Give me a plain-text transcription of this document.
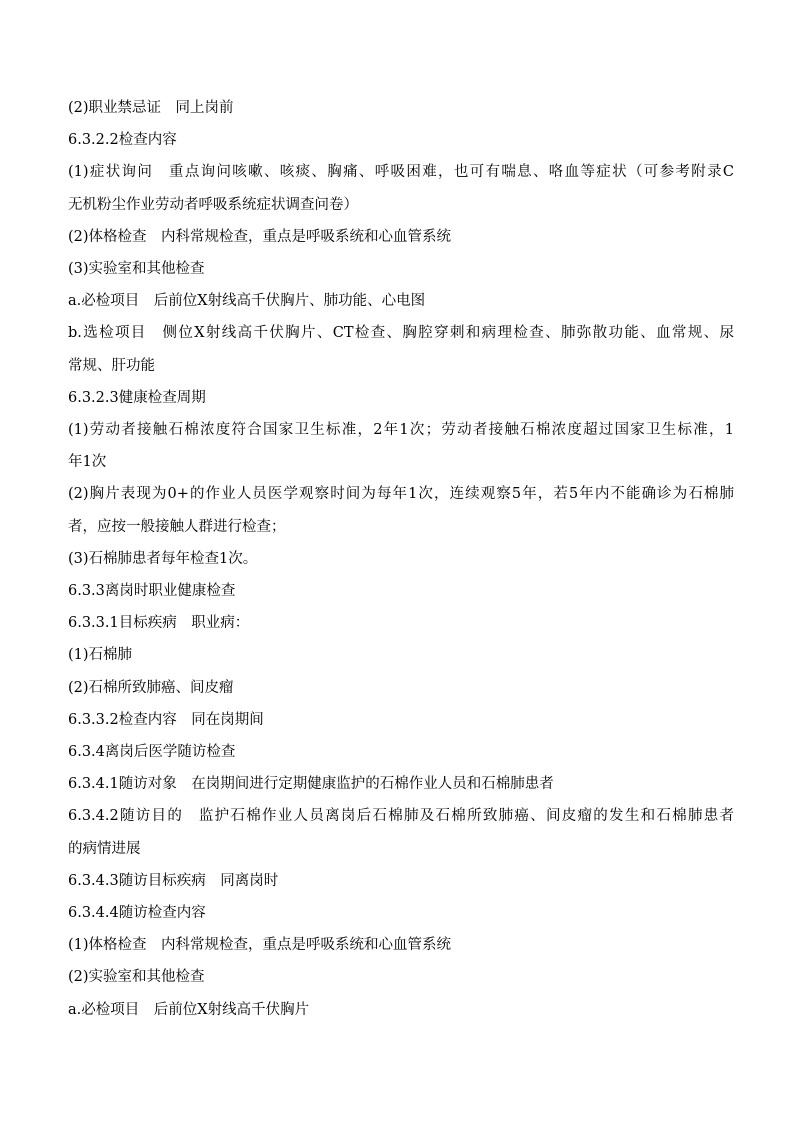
(2)职业禁忌证　同上岗前

6.3.2.2检查内容

(1)症状询问　重点询问咳嗽、咳痰、胸痛、呼吸困难，也可有喘息、咯血等症状（可参考附录C

无机粉尘作业劳动者呼吸系统症状调查问卷）

(2)体格检查　内科常规检查，重点是呼吸系统和心血管系统

(3)实验室和其他检查

a.必检项目　后前位X射线高千伏胸片、肺功能、心电图

b.选检项目　侧位X射线高千伏胸片、CT检查、胸腔穿刺和病理检查、肺弥散功能、血常规、尿

常规、肝功能

6.3.2.3健康检查周期

(1)劳动者接触石棉浓度符合国家卫生标准，2年1次；劳动者接触石棉浓度超过国家卫生标准，1

年1次

(2)胸片表现为0+的作业人员医学观察时间为每年1次，连续观察5年，若5年内不能确诊为石棉肺

者，应按一般接触人群进行检查；

(3)石棉肺患者每年检查1次。

6.3.3离岗时职业健康检查

6.3.3.1目标疾病　职业病：

(1)石棉肺

(2)石棉所致肺癌、间皮瘤

6.3.3.2检查内容　同在岗期间

6.3.4离岗后医学随访检查

6.3.4.1随访对象　在岗期间进行定期健康监护的石棉作业人员和石棉肺患者

6.3.4.2随访目的　监护石棉作业人员离岗后石棉肺及石棉所致肺癌、间皮瘤的发生和石棉肺患者

的病情进展

6.3.4.3随访目标疾病　同离岗时

6.3.4.4随访检查内容

(1)体格检查　内科常规检查，重点是呼吸系统和心血管系统

(2)实验室和其他检查

a.必检项目　后前位X射线高千伏胸片
